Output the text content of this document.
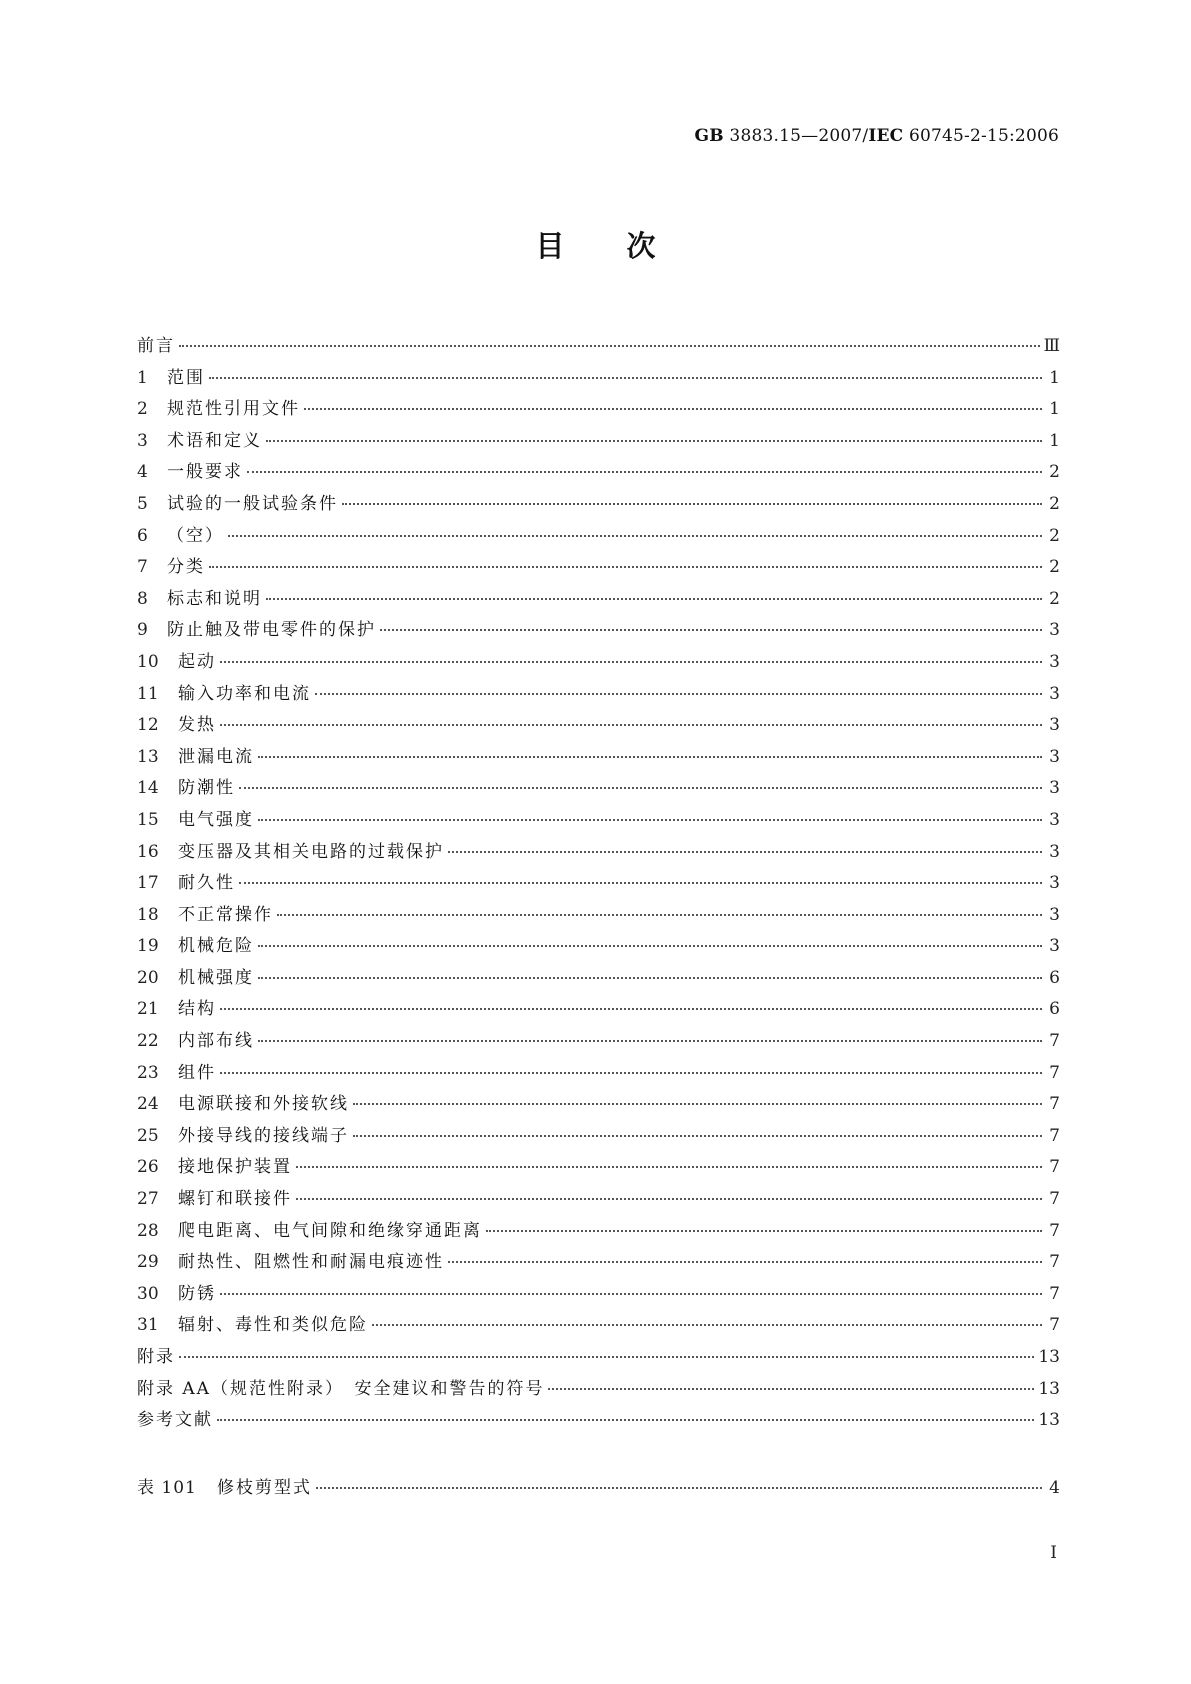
GB 3883.15—2007/IEC 60745-2-15:2006
目次
前言	Ⅲ
1	范围	1
2	规范性引用文件	1
3	术语和定义	1
4	一般要求	2
5	试验的一般试验条件	2
6	（空）	2
7	分类	2
8	标志和说明	2
9	防止触及带电零件的保护	3
10	起动	3
11	输入功率和电流	3
12	发热	3
13	泄漏电流	3
14	防潮性	3
15	电气强度	3
16	变压器及其相关电路的过载保护	3
17	耐久性	3
18	不正常操作	3
19	机械危险	3
20	机械强度	6
21	结构	6
22	内部布线	7
23	组件	7
24	电源联接和外接软线	7
25	外接导线的接线端子	7
26	接地保护装置	7
27	螺钉和联接件	7
28	爬电距离、电气间隙和绝缘穿通距离	7
29	耐热性、阻燃性和耐漏电痕迹性	7
30	防锈	7
31	辐射、毒性和类似危险	7
附录	13
附录 AA（规范性附录）　安全建议和警告的符号	13
参考文献	13
表 101	修枝剪型式	4
Ⅰ
